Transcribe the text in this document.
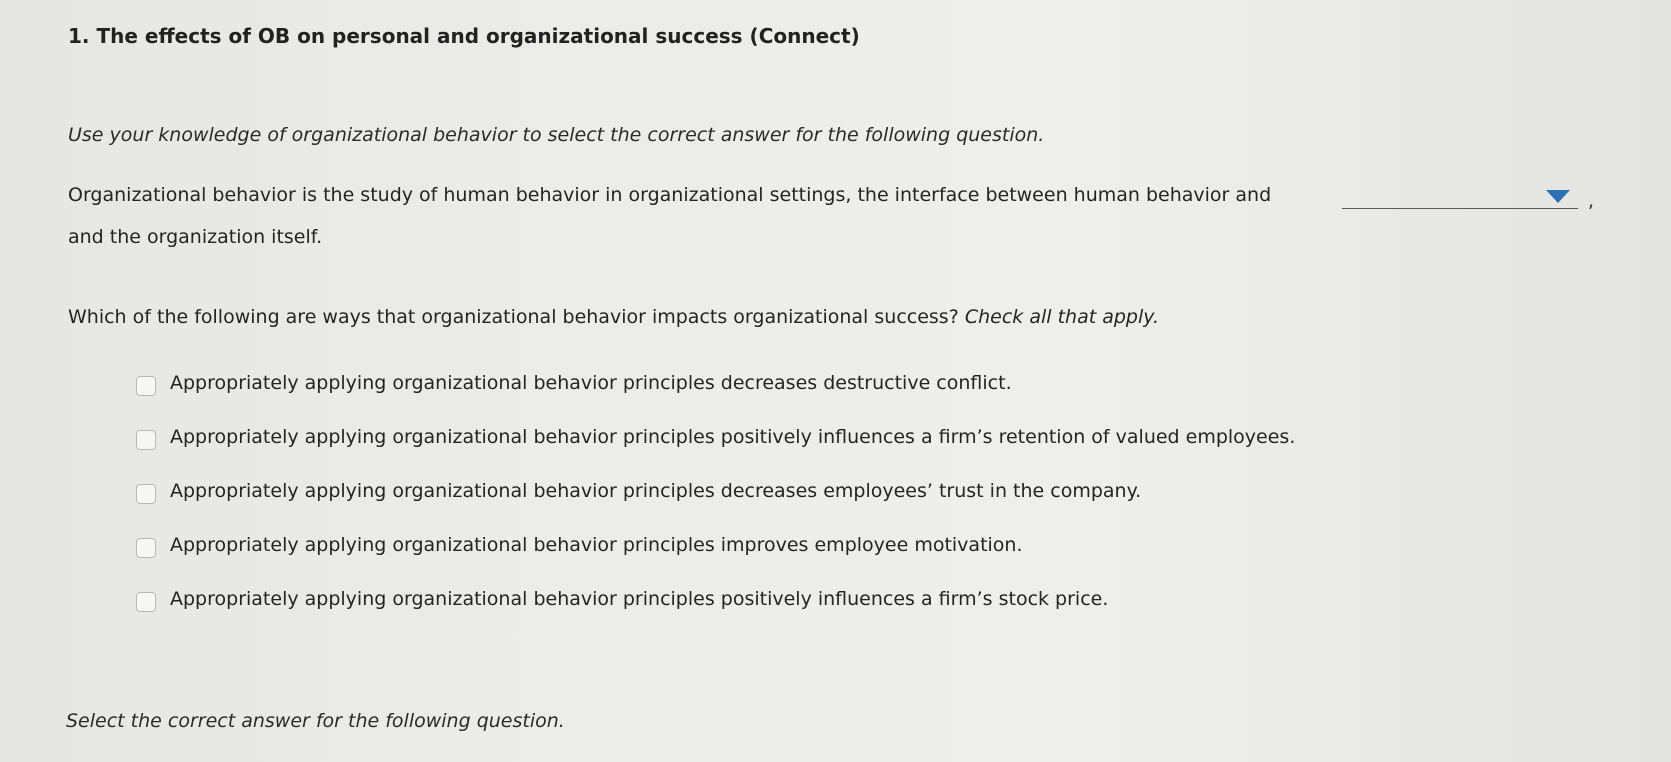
1. The effects of OB on personal and organizational success (Connect)
Use your knowledge of organizational behavior to select the correct answer for the following question.
Organizational behavior is the study of human behavior in organizational settings, the interface between human behavior and	,
and the organization itself.
Which of the following are ways that organizational behavior impacts organizational success? Check all that apply.
Appropriately applying organizational behavior principles decreases destructive conflict.
Appropriately applying organizational behavior principles positively influences a firm’s retention of valued employees.
Appropriately applying organizational behavior principles decreases employees’ trust in the company.
Appropriately applying organizational behavior principles improves employee motivation.
Appropriately applying organizational behavior principles positively influences a firm’s stock price.
Select the correct answer for the following question.
